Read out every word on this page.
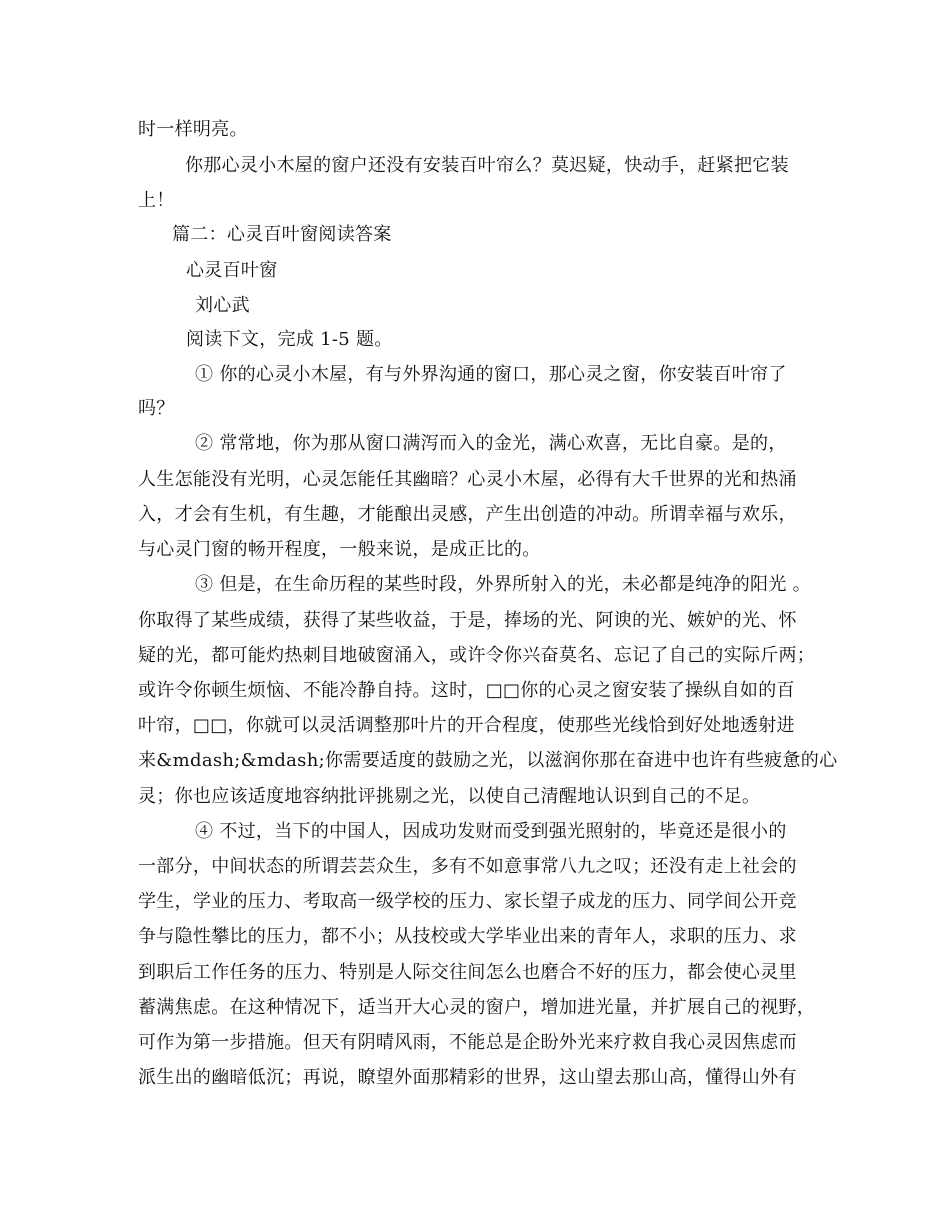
时一样明亮。
你那心灵小木屋的窗户还没有安装百叶帘么？莫迟疑，快动手，赶紧把它装
上！
篇二：心灵百叶窗阅读答案
心灵百叶窗
刘心武
阅读下文，完成 1-5 题。
① 你的心灵小木屋，有与外界沟通的窗口，那心灵之窗，你安装百叶帘了
吗？
② 常常地，你为那从窗口满泻而入的金光，满心欢喜，无比自豪。是的，
人生怎能没有光明，心灵怎能任其幽暗？心灵小木屋，必得有大千世界的光和热涌
入，才会有生机，有生趣，才能酿出灵感，产生出创造的冲动。所谓幸福与欢乐，
与心灵门窗的畅开程度，一般来说，是成正比的。
③ 但是，在生命历程的某些时段，外界所射入的光，未必都是纯净的阳光 。
你取得了某些成绩，获得了某些收益，于是，捧场的光、阿谀的光、嫉妒的光、怀
疑的光，都可能灼热刺目地破窗涌入，或许令你兴奋莫名、忘记了自己的实际斤两；
或许令你顿生烦恼、不能冷静自持。这时，□□你的心灵之窗安装了操纵自如的百
叶帘，□□，你就可以灵活调整那叶片的开合程度，使那些光线恰到好处地透射进
来&mdash;&mdash;你需要适度的鼓励之光，以滋润你那在奋进中也许有些疲惫的心
灵；你也应该适度地容纳批评挑剔之光，以使自己清醒地认识到自己的不足。
④ 不过，当下的中国人，因成功发财而受到强光照射的，毕竟还是很小的
一部分，中间状态的所谓芸芸众生，多有不如意事常八九之叹；还没有走上社会的
学生，学业的压力、考取高一级学校的压力、家长望子成龙的压力、同学间公开竞
争与隐性攀比的压力，都不小；从技校或大学毕业出来的青年人，求职的压力、求
到职后工作任务的压力、特别是人际交往间怎么也磨合不好的压力，都会使心灵里
蓄满焦虑。在这种情况下，适当开大心灵的窗户，增加进光量，并扩展自己的视野，
可作为第一步措施。但天有阴晴风雨，不能总是企盼外光来疗救自我心灵因焦虑而
派生出的幽暗低沉；再说，瞭望外面那精彩的世界，这山望去那山高，懂得山外有
